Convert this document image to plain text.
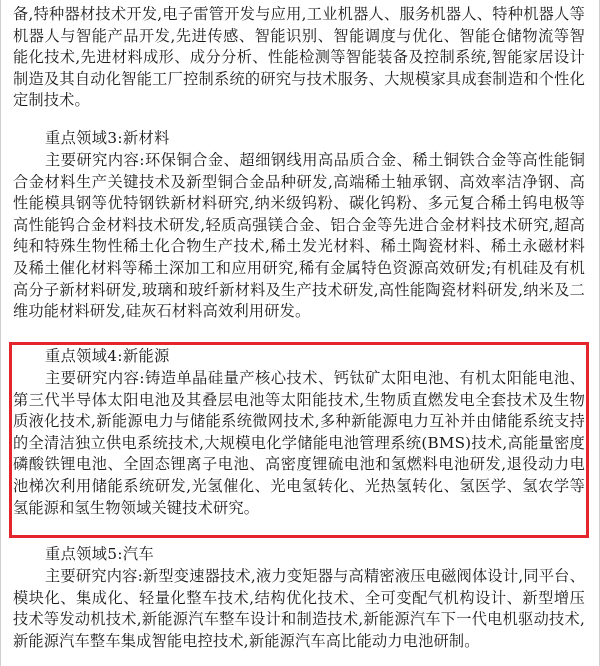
备,特种器材技术开发,电子雷管开发与应用,工业机器人、服务机器人、特种机器人等机器人与智能产品开发,先进传感、智能识别、智能调度与优化、智能仓储物流等智能化技术,先进材料成形、成分分析、性能检测等智能装备及控制系统,智能家居设计制造及其自动化智能工厂控制系统的研究与技术服务、大规模家具成套制造和个性化定制技术。

重点领域3:新材料

主要研究内容:环保铜合金、超细钢线用高品质合金、稀土铜铁合金等高性能铜合金材料生产关键技术及新型铜合金品种研发,高端稀土轴承钢、高效率洁净钢、高性能模具钢等优特钢铁新材料研究,纳米级钨粉、碳化钨粉、多元复合稀土钨电极等高性能钨合金材料技术研发,轻质高强镁合金、铝合金等先进合金材料技术研究,超高纯和特殊生物性稀土化合物生产技术,稀土发光材料、稀土陶瓷材料、稀土永磁材料及稀土催化材料等稀土深加工和应用研究,稀有金属特色资源高效研发;有机硅及有机高分子新材料研发,玻璃和玻纤新材料及生产技术研发,高性能陶瓷材料研发,纳米及二维功能材料研发,硅灰石材料高效利用研发。

重点领域4:新能源

主要研究内容:铸造单晶硅量产核心技术、钙钛矿太阳电池、有机太阳能电池、第三代半导体太阳电池及其叠层电池等太阳能技术,生物质直燃发电全套技术及生物质液化技术,新能源电力与储能系统微网技术,多种新能源电力互补并由储能系统支持的全清洁独立供电系统技术,大规模电化学储能电池管理系统(BMS)技术,高能量密度磷酸铁锂电池、全固态锂离子电池、高密度锂硫电池和氢燃料电池研发,退役动力电池梯次利用储能系统研发,光氢催化、光电氢转化、光热氢转化、氢医学、氢农学等氢能源和氢生物领域关键技术研究。

重点领域5:汽车

主要研究内容:新型变速器技术,液力变矩器与高精密液压电磁阀体设计,同平台、模块化、集成化、轻量化整车技术,结构优化技术、全可变配气机构设计、新型增压技术等发动机技术,新能源汽车整车设计和制造技术,新能源汽车下一代电机驱动技术,新能源汽车整车集成智能电控技术,新能源汽车高比能动力电池研制。
